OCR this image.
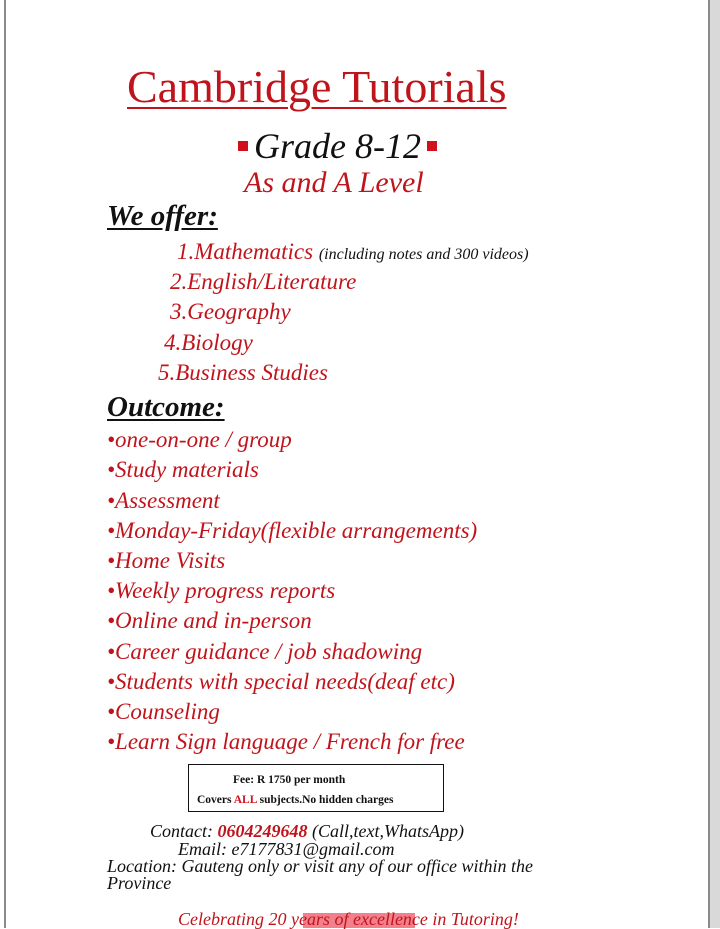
Cambridge Tutorials
Grade 8-12
As and A Level
We offer:
1.Mathematics (including notes and 300 videos)
2.English/Literature
3.Geography
4.Biology
5.Business Studies
Outcome:
•one-on-one / group
•Study materials
•Assessment
•Monday-Friday(flexible arrangements)
•Home Visits
•Weekly progress reports
•Online and in-person
•Career guidance / job shadowing
•Students with special needs(deaf etc)
•Counseling
•Learn Sign language / French for free
Fee: R 1750 per month
Covers ALL subjects.No hidden charges
Contact: 0604249648 (Call,text,WhatsApp)
Email: e7177831@gmail.com
Location: Gauteng only or visit any of our office within the
Province
Celebrating 20 years of excellence in Tutoring!
